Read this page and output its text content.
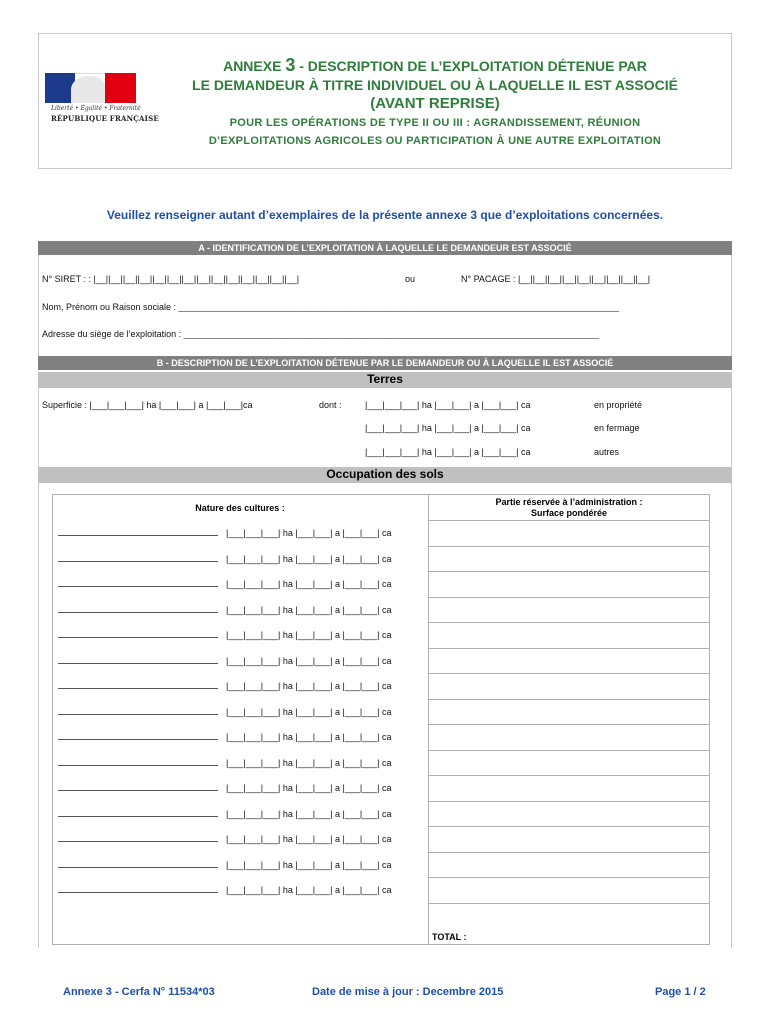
Liberté • Égalité • Fraternité
RÉPUBLIQUE FRANÇAISE
ANNEXE 3 - DESCRIPTION DE L’EXPLOITATION DÉTENUE PAR
LE DEMANDEUR À TITRE INDIVIDUEL OU À LAQUELLE IL EST ASSOCIÉ
(AVANT REPRISE)
POUR LES OPÉRATIONS DE TYPE II OU III : AGRANDISSEMENT, RÉUNION
D’EXPLOITATIONS AGRICOLES OU PARTICIPATION À UNE AUTRE EXPLOITATION
Veuillez renseigner autant d’exemplaires de la présente annexe 3 que d’exploitations concernées.
A - IDENTIFICATION DE L’EXPLOITATION À LAQUELLE LE DEMANDEUR EST ASSOCIÉ
N° SIRET : : |__||__||__||__||__||__||__||__||__||__||__||__||__||__|	ou	N° PACAGE : |__||__||__||__||__||__||__||__||__|
Nom, Prénom ou Raison sociale : ________________________________________________________________________________________
Adresse du siège de l’exploitation : ___________________________________________________________________________________
B - DESCRIPTION DE L’EXPLOITATION DÉTENUE PAR LE DEMANDEUR OU À LAQUELLE IL EST ASSOCIÉ
Terres
Superficie : |___|___|___| ha |___|___| a |___|___|ca	dont :	|___|___|___| ha |___|___| a |___|___| ca	en propriété
|___|___|___| ha |___|___| a |___|___| ca	en fermage
|___|___|___| ha |___|___| a |___|___| ca	autres
Occupation des sols
Nature des cultures :
Partie réservée à l’administration :
Surface pondérée
|___|___|___| ha |___|___| a |___|___| ca
|___|___|___| ha |___|___| a |___|___| ca
|___|___|___| ha |___|___| a |___|___| ca
|___|___|___| ha |___|___| a |___|___| ca
|___|___|___| ha |___|___| a |___|___| ca
|___|___|___| ha |___|___| a |___|___| ca
|___|___|___| ha |___|___| a |___|___| ca
|___|___|___| ha |___|___| a |___|___| ca
|___|___|___| ha |___|___| a |___|___| ca
|___|___|___| ha |___|___| a |___|___| ca
|___|___|___| ha |___|___| a |___|___| ca
|___|___|___| ha |___|___| a |___|___| ca
|___|___|___| ha |___|___| a |___|___| ca
|___|___|___| ha |___|___| a |___|___| ca
|___|___|___| ha |___|___| a |___|___| ca
TOTAL :
Annexe 3 - Cerfa N° 11534*03	Date de mise à jour : Decembre 2015	Page 1 / 2
